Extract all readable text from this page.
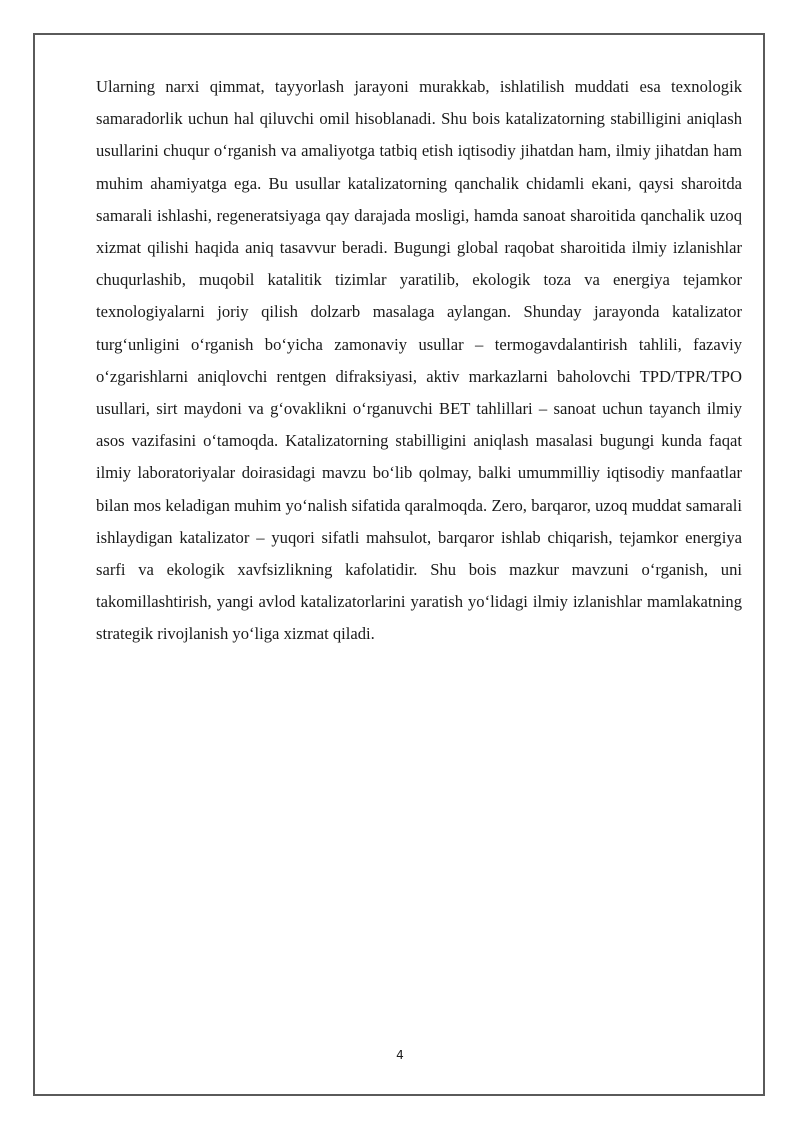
Ularning narxi qimmat, tayyorlash jarayoni murakkab, ishlatilish muddati esa texnologik samaradorlik uchun hal qiluvchi omil hisoblanadi. Shu bois katalizatorning stabilligini aniqlash usullarini chuqur o‘rganish va amaliyotga tatbiq etish iqtisodiy jihatdan ham, ilmiy jihatdan ham muhim ahamiyatga ega. Bu usullar katalizatorning qanchalik chidamli ekani, qaysi sharoitda samarali ishlashi, regeneratsiyaga qay darajada mosligi, hamda sanoat sharoitida qanchalik uzoq xizmat qilishi haqida aniq tasavvur beradi. Bugungi global raqobat sharoitida ilmiy izlanishlar chuqurlashib, muqobil katalitik tizimlar yaratilib, ekologik toza va energiya tejamkor texnologiyalarni joriy qilish dolzarb masalaga aylangan. Shunday jarayonda katalizator turg‘unligini o‘rganish bo‘yicha zamonaviy usullar – termogavdalantirish tahlili, fazaviy o‘zgarishlarni aniqlovchi rentgen difraksiyasi, aktiv markazlarni baholovchi TPD/TPR/TPO usullari, sirt maydoni va g‘ovaklikni o‘rganuvchi BET tahlillari – sanoat uchun tayanch ilmiy asos vazifasini o‘tamoqda. Katalizatorning stabilligini aniqlash masalasi bugungi kunda faqat ilmiy laboratoriyalar doirasidagi mavzu bo‘lib qolmay, balki umummilliy iqtisodiy manfaatlar bilan mos keladigan muhim yo‘nalish sifatida qaralmoqda. Zero, barqaror, uzoq muddat samarali ishlaydigan katalizator – yuqori sifatli mahsulot, barqaror ishlab chiqarish, tejamkor energiya sarfi va ekologik xavfsizlikning kafolatidir. Shu bois mazkur mavzuni o‘rganish, uni takomillashtirish, yangi avlod katalizatorlarini yaratish yo‘lidagi ilmiy izlanishlar mamlakatning strategik rivojlanish yo‘liga xizmat qiladi.

4
